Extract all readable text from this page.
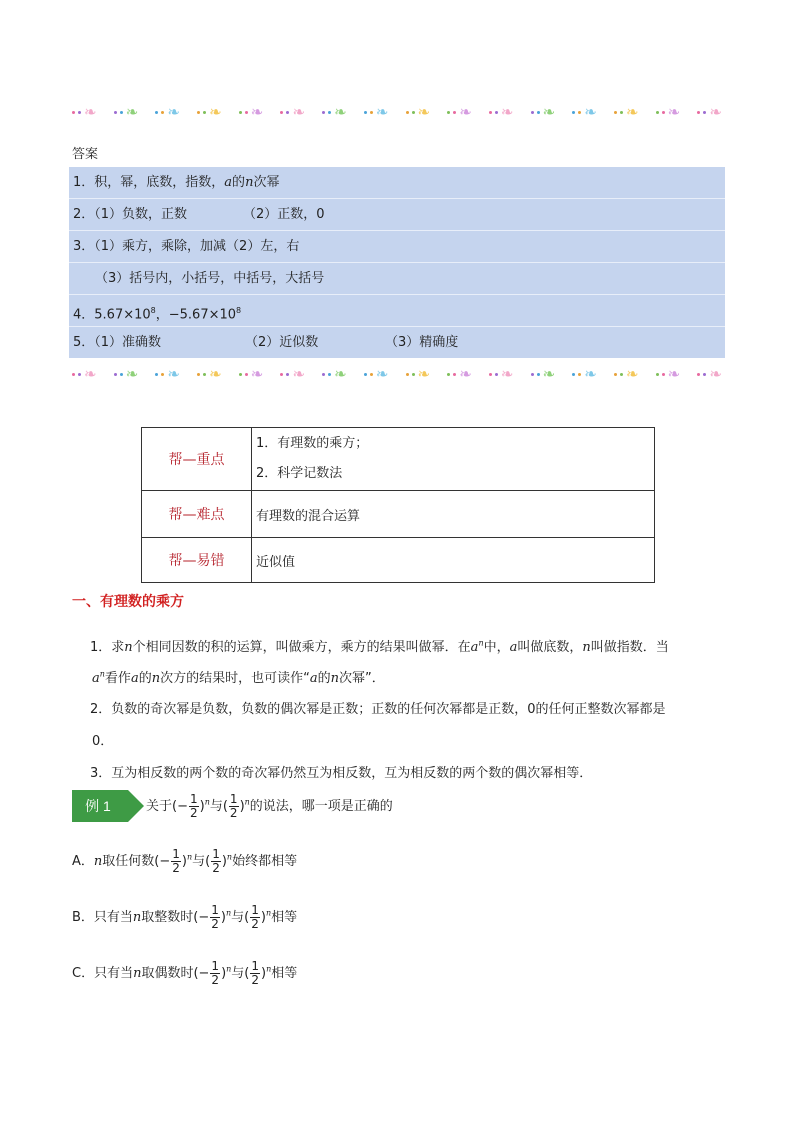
❧ ❧ ❧ ❧ ❧ ❧ ❧ ❧ ❧ ❧ ❧ ❧ ❧ ❧ ❧ ❧
❧ ❧ ❧ ❧ ❧ ❧ ❧ ❧ ❧ ❧ ❧ ❧ ❧ ❧ ❧ ❧
答案
1．积，幂，底数，指数，a的n次幂
2．（1）负数，正数	（2）正数，0
3．（1）乘方，乘除，加减（2）左，右
（3）括号内，小括号，中括号，大括号
4．$5.67\times 10^8$，$-5.67\times 10^8$
5．（1）准确数	（2）近似数	（3）精确度
帮—重点	1．有理数的乘方；
2．科学记数法

帮—难点	有理数的混合运算
帮—易错	近似值
一、有理数的乘方
1．求n个相同因数的积的运算，叫做乘方，乘方的结果叫做幂．在$a^n$中，a叫做底数，n叫做指数．当
$a^n$看作a的n次方的结果时，也可读作“a的n次幂”．
2．负数的奇次幂是负数，负数的偶次幂是正数；正数的任何次幂都是正数，0的任何正整数次幂都是
0．
3．互为相反数的两个数的奇次幂仍然互为相反数，互为相反数的两个数的偶次幂相等．
例 1	关于(− $\frac{1}{2} )^n$与( $\frac{1}{2} )^n$的说法，哪一项是正确的
A．n取任何数(− $\frac{1}{2} )^n$与( $\frac{1}{2} )^n$始终都相等
B．只有当n取整数时(− $\frac{1}{2} )^n$与( $\frac{1}{2} )^n$相等
C．只有当n取偶数时(− $\frac{1}{2} )^n$与( $\frac{1}{2} )^n$相等
